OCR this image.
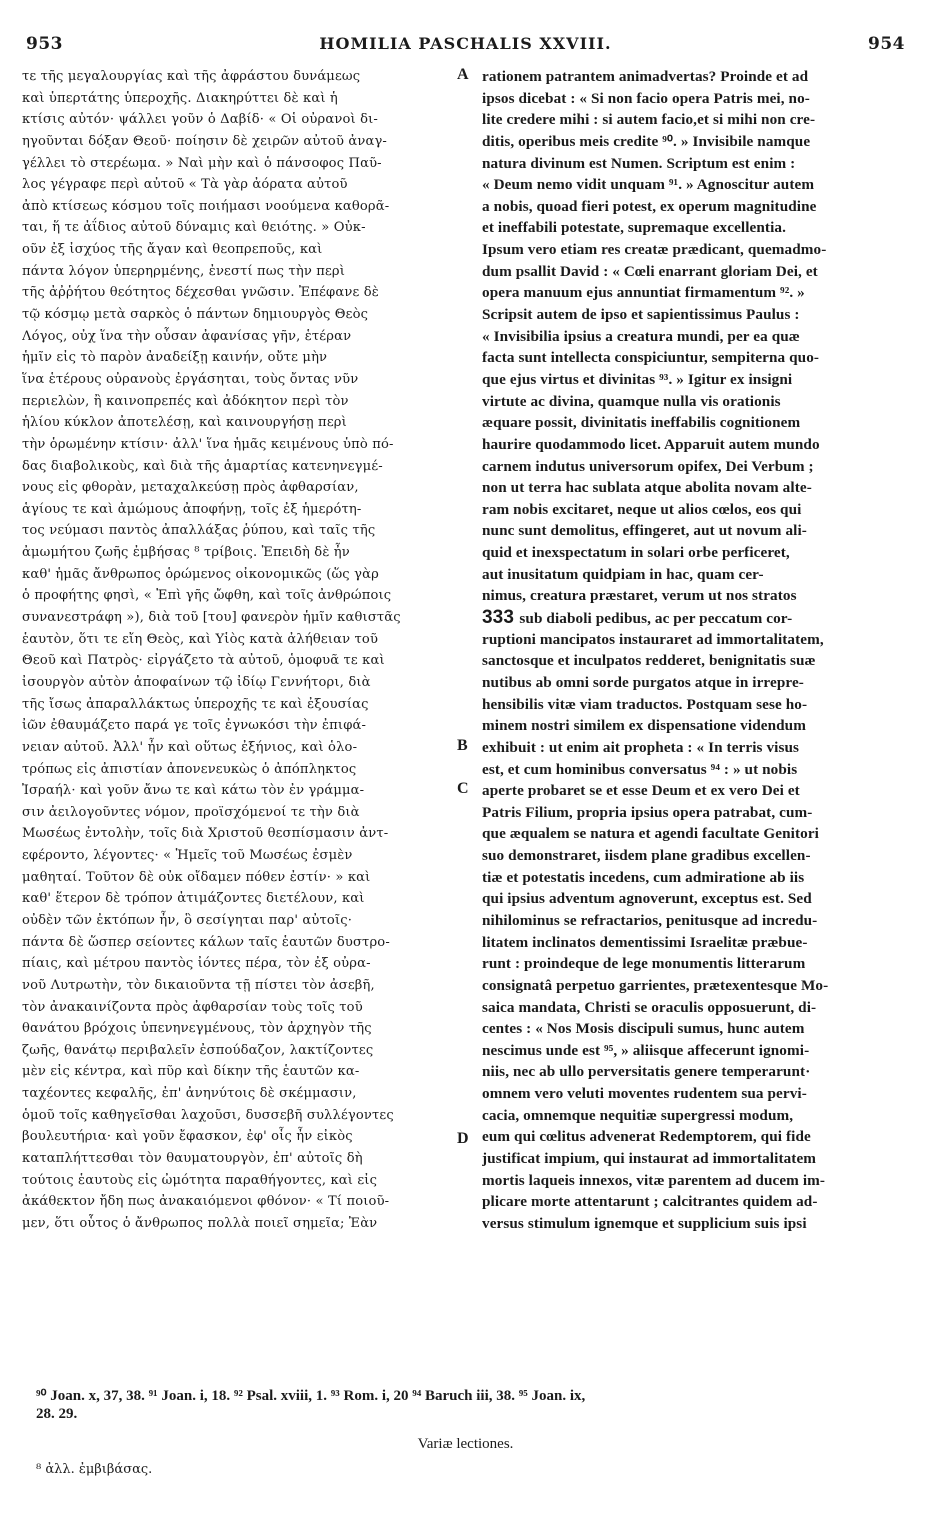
953	HOMILIA PASCHALIS XXVIII.	954
τε τῆς μεγαλουργίας καὶ τῆς ἀφράστου δυνάμεως
καὶ ὑπερτάτης ὑπεροχῆς. Διακηρύττει δὲ καὶ ἡ
κτίσις αὐτόν· ψάλλει γοῦν ὁ Δαβίδ· « Οἱ οὐρανοὶ δι-
ηγοῦνται δόξαν Θεοῦ· ποίησιν δὲ χειρῶν αὐτοῦ ἀναγ-
γέλλει τὸ στερέωμα. » Ναὶ μὴν καὶ ὁ πάνσοφος Παῦ-
λος γέγραφε περὶ αὐτοῦ « Τὰ γὰρ ἀόρατα αὐτοῦ
ἀπὸ κτίσεως κόσμου τοῖς ποιήμασι νοούμενα καθορᾶ-
ται, ἥ τε ἀΐδιος αὐτοῦ δύναμις καὶ θειότης. » Οὐκ-
οῦν ἐξ ἰσχύος τῆς ἄγαν καὶ θεοπρεποῦς, καὶ
πάντα λόγον ὑπερηρμένης, ἐνεστί πως τὴν περὶ
τῆς ἀῤῥήτου θεότητος δέχεσθαι γνῶσιν. Ἐπέφανε δὲ
τῷ κόσμῳ μετὰ σαρκὸς ὁ πάντων δημιουργὸς Θεὸς
Λόγος, οὐχ ἵνα τὴν οὖσαν ἀφανίσας γῆν, ἑτέραν
ἡμῖν εἰς τὸ παρὸν ἀναδείξῃ καινήν, οὔτε μὴν
ἵνα ἑτέρους οὐρανοὺς ἐργάσηται, τοὺς ὄντας νῦν
περιελὼν, ἢ καινοπρεπές καὶ ἀδόκητον περὶ τὸν
ἡλίου κύκλον ἀποτελέσῃ, καὶ καινουργήσῃ περὶ
τὴν ὁρωμένην κτίσιν· ἀλλ' ἵνα ἡμᾶς κειμένους ὑπὸ πό-
δας διαβολικοὺς, καὶ διὰ τῆς ἁμαρτίας κατενηνεγμέ-
νους εἰς φθορὰν, μεταχαλκεύσῃ πρὸς ἀφθαρσίαν,
ἁγίους τε καὶ ἀμώμους ἀποφήνῃ, τοῖς ἐξ ἡμερότη-
τος νεύμασι παντὸς ἀπαλλάξας ῥύπου, καὶ ταῖς τῆς
ἀμωμήτου ζωῆς ἐμβήσας ⁸ τρίβοις. Ἐπειδὴ δὲ ἦν
καθ' ἡμᾶς ἄνθρωπος ὁρώμενος οἰκονομικῶς (ὥς γὰρ
ὁ προφήτης φησὶ, « Ἐπὶ γῆς ὤφθη, καὶ τοῖς ἀνθρώποις
συνανεστράφη »), διὰ τοῦ [του] φανερὸν ἡμῖν καθιστᾶς
ἑαυτὸν, ὅτι τε εἴη Θεὸς, καὶ Υἱὸς κατὰ ἀλήθειαν τοῦ
Θεοῦ καὶ Πατρὸς· εἰργάζετο τὰ αὐτοῦ, ὁμοφυᾶ τε καὶ
ἰσουργὸν αὐτὸν ἀποφαίνων τῷ ἰδίῳ Γεννήτορι, διὰ
τῆς ἴσως ἀπαραλλάκτως ὑπεροχῆς τε καὶ ἐξουσίας
ἰῶν ἐθαυμάζετο παρά γε τοῖς ἐγνωκόσι τὴν ἐπιφά-
νειαν αὐτοῦ. Ἀλλ' ἦν καὶ οὕτως ἐξήνιος, καὶ ὁλο-
τρόπως εἰς ἀπιστίαν ἀπονενευκὼς ὁ ἀπόπληκτος
Ἰσραήλ· καὶ γοῦν ἄνω τε καὶ κάτω τὸν ἐν γράμμα-
σιν ἀειλογοῦντες νόμον, προϊσχόμενοί τε τὴν διὰ
Μωσέως ἐντολὴν, τοῖς διὰ Χριστοῦ θεσπίσμασιν ἀντ-
εφέροντο, λέγοντες· « Ἡμεῖς τοῦ Μωσέως ἐσμὲν
μαθηταί. Τοῦτον δὲ οὐκ οἴδαμεν πόθεν ἐστίν· » καὶ
καθ' ἕτερον δὲ τρόπον ἀτιμάζοντες διετέλουν, καὶ
οὐδὲν τῶν ἐκτόπων ἦν, ὃ σεσίγηται παρ' αὐτοῖς·
πάντα δὲ ὥσπερ σείοντες κάλων ταῖς ἑαυτῶν δυστρο-
πίαις, καὶ μέτρου παντὸς ἰόντες πέρα, τὸν ἐξ οὐρα-
νοῦ Λυτρωτὴν, τὸν δικαιοῦντα τῇ πίστει τὸν ἀσεβῆ,
τὸν ἀνακαινίζοντα πρὸς ἀφθαρσίαν τοὺς τοῖς τοῦ
θανάτου βρόχοις ὑπενηνεγμένους, τὸν ἀρχηγὸν τῆς
ζωῆς, θανάτῳ περιβαλεῖν ἐσπούδαζον, λακτίζοντες
μὲν εἰς κέντρα, καὶ πῦρ καὶ δίκην τῆς ἑαυτῶν κα-
ταχέοντες κεφαλῆς, ἐπ' ἀνηνύτοις δὲ σκέμμασιν,
ὁμοῦ τοῖς καθηγεῖσθαι λαχοῦσι, δυσσεβῆ συλλέγοντες
βουλευτήρια· καὶ γοῦν ἔφασκον, ἐφ' οἷς ἦν εἰκὸς
καταπλήττεσθαι τὸν θαυματουργὸν, ἐπ' αὐτοῖς δὴ
τούτοις ἑαυτοὺς εἰς ὠμότητα παραθήγοντες, καὶ εἰς
ἀκάθεκτον ἤδη πως ἀνακαιόμενοι φθόνον· « Τί ποιοῦ-
μεν, ὅτι οὗτος ὁ ἄνθρωπος πολλὰ ποιεῖ σημεῖα; Ἐὰν
A
B
C
D
rationem patrantem animadvertas? Proinde et ad
ipsos dicebat : « Si non facio opera Patris mei, no-
lite credere mihi : si autem facio,et si mihi non cre-
ditis, operibus meis credite ⁹⁰. » Invisibile namque
natura divinum est Numen. Scriptum est enim :
« Deum nemo vidit unquam ⁹¹. » Agnoscitur autem
a nobis, quoad fieri potest, ex operum magnitudine
et ineffabili potestate, supremaque excellentia.
Ipsum vero etiam res creatæ prædicant, quemadmo-
dum psallit David : « Cœli enarrant gloriam Dei, et
opera manuum ejus annuntiat firmamentum ⁹². »
Scripsit autem de ipso et sapientissimus Paulus :
« Invisibilia ipsius a creatura mundi, per ea quæ
facta sunt intellecta conspiciuntur, sempiterna quo-
que ejus virtus et divinitas ⁹³. » Igitur ex insigni
virtute ac divina, quamque nulla vis orationis
æquare possit, divinitatis ineffabilis cognitionem
haurire quodammodo licet. Apparuit autem mundo
carnem indutus universorum opifex, Dei Verbum ;
non ut terra hac sublata atque abolita novam alte-
ram nobis excitaret, neque ut alios cœlos, eos qui
nunc sunt demolitus, effingeret, aut ut novum ali-
quid et inexspectatum in solari orbe perficeret,
aut inusitatum quidpiam in hac, quam cer-
nimus, creatura præstaret, verum ut nos stratos
333 sub diaboli pedibus, ac per peccatum cor-
ruptioni mancipatos instauraret ad immortalitatem,
sanctosque et inculpatos redderet, benignitatis suæ
nutibus ab omni sorde purgatos atque in irrepre-
hensibilis vitæ viam traductos. Postquam sese ho-
minem nostri similem ex dispensatione videndum
exhibuit : ut enim ait propheta : « In terris visus
est, et cum hominibus conversatus ⁹⁴ : » ut nobis
aperte probaret se et esse Deum et ex vero Dei et
Patris Filium, propria ipsius opera patrabat, cum-
que æqualem se natura et agendi facultate Genitori
suo demonstraret, iisdem plane gradibus excellen-
tiæ et potestatis incedens, cum admiratione ab iis
qui ipsius adventum agnoverunt, exceptus est. Sed
nihilominus se refractarios, penitusque ad incredu-
litatem inclinatos dementissimi Israelitæ præbue-
runt : proindeque de lege monumentis litterarum
consignatâ perpetuo garrientes, prætexentesque Mo-
saica mandata, Christi se oraculis opposuerunt, di-
centes : « Nos Mosis discipuli sumus, hunc autem
nescimus unde est ⁹⁵, » aliisque affecerunt ignomi-
niis, nec ab ullo perversitatis genere temperarunt·
omnem vero veluti moventes rudentem sua pervi-
cacia, omnemque nequitiæ supergressi modum,
eum qui cœlitus advenerat Redemptorem, qui fide
justificat impium, qui instaurat ad immortalitatem
mortis laqueis innexos, vitæ parentem ad ducem im-
plicare morte attentarunt ; calcitrantes quidem ad-
versus stimulum ignemque et supplicium suis ipsi
⁹⁰ Joan. x, 37, 38. ⁹¹ Joan. i, 18. ⁹² Psal. xviii, 1. ⁹³ Rom. i, 20 ⁹⁴ Baruch iii, 38. ⁹⁵ Joan. ix,
28. 29.
Variæ lectiones.
⁸ ἀλλ. ἐμβιβάσας.
